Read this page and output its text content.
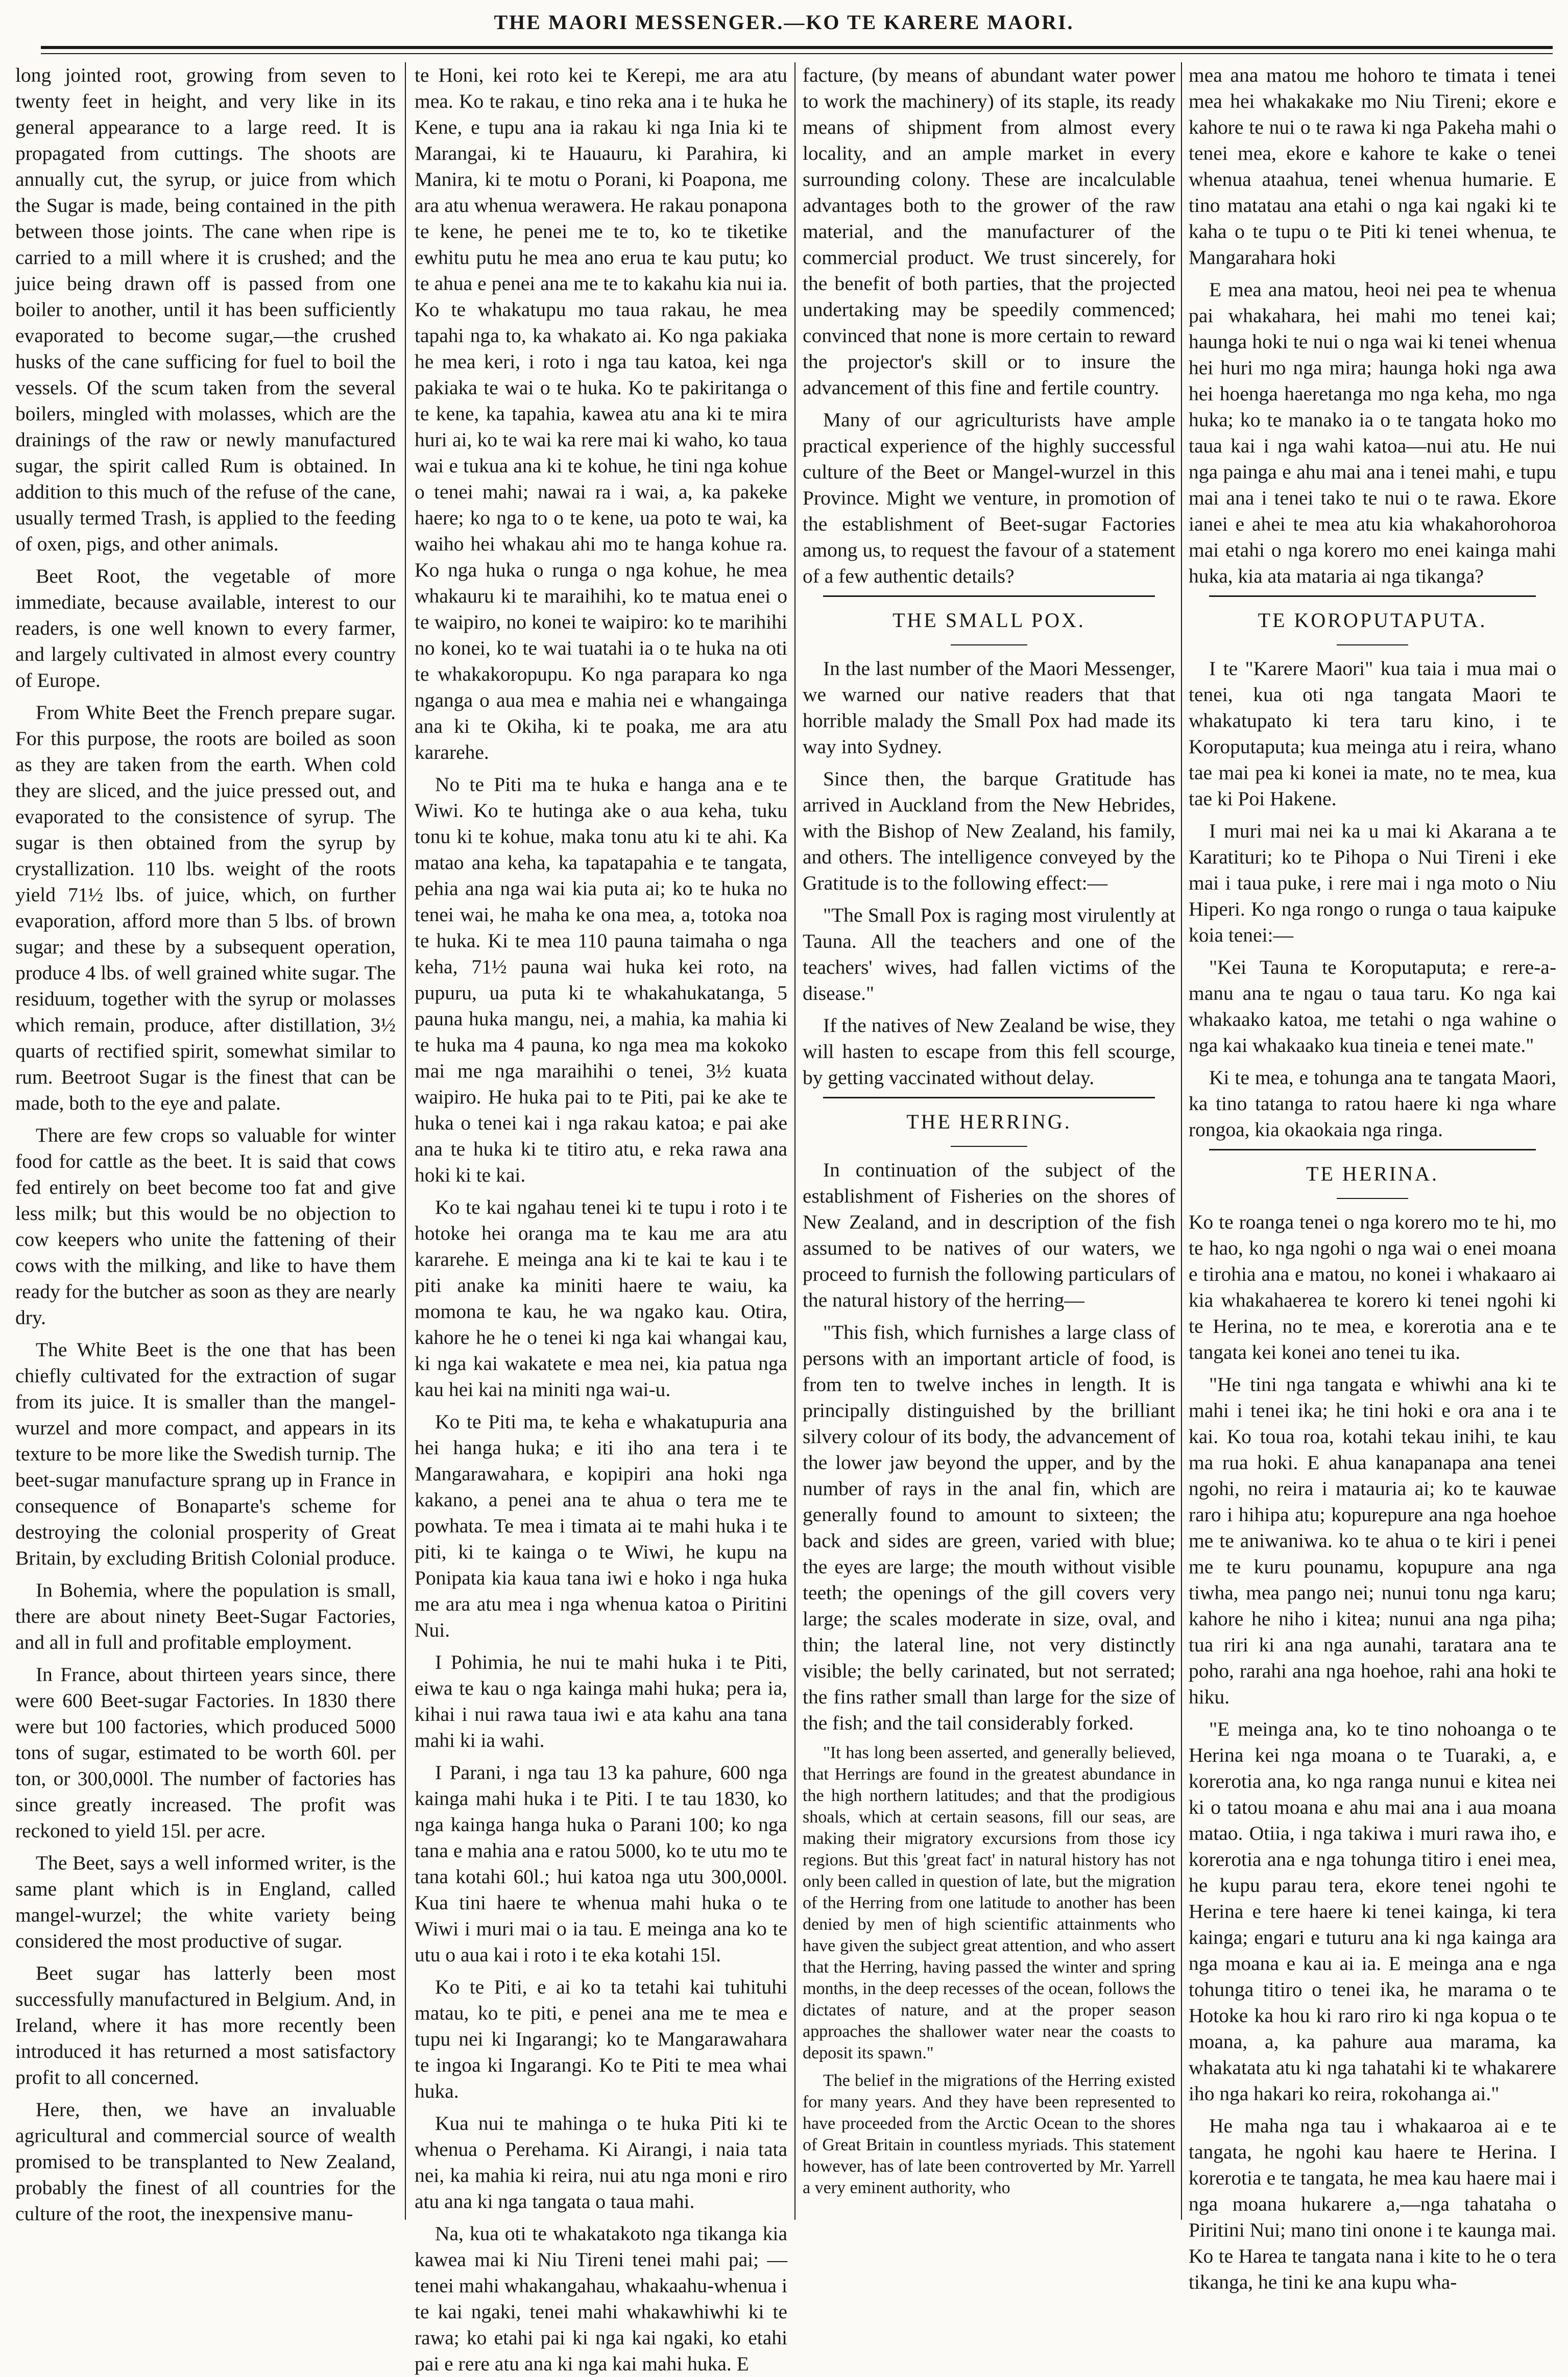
THE MAORI MESSENGER.—KO TE KARERE MAORI.

long jointed root, growing from seven to twenty feet in height, and very like in its general appearance to a large reed. It is propagated from cuttings. The shoots are annually cut, the syrup, or juice from which the Sugar is made, being contained in the pith between those joints. The cane when ripe is carried to a mill where it is crushed; and the juice being drawn off is passed from one boiler to another, until it has been sufficiently evaporated to become sugar,—the crushed husks of the cane sufficing for fuel to boil the vessels. Of the scum taken from the several boilers, mingled with molasses, which are the drainings of the raw or newly manufactured sugar, the spirit called Rum is obtained. In addition to this much of the refuse of the cane, usually termed Trash, is applied to the feeding of oxen, pigs, and other animals.

Beet Root, the vegetable of more immediate, because available, interest to our readers, is one well known to every farmer, and largely cultivated in almost every country of Europe.

From White Beet the French prepare sugar. For this purpose, the roots are boiled as soon as they are taken from the earth. When cold they are sliced, and the juice pressed out, and evaporated to the consistence of syrup. The sugar is then obtained from the syrup by crystallization. 110 lbs. weight of the roots yield 71½ lbs. of juice, which, on further evaporation, afford more than 5 lbs. of brown sugar; and these by a subsequent operation, produce 4 lbs. of well grained white sugar. The residuum, together with the syrup or molasses which remain, produce, after distillation, 3½ quarts of rectified spirit, somewhat similar to rum. Beetroot Sugar is the finest that can be made, both to the eye and palate.

There are few crops so valuable for winter food for cattle as the beet. It is said that cows fed entirely on beet become too fat and give less milk; but this would be no objection to cow keepers who unite the fattening of their cows with the milking, and like to have them ready for the butcher as soon as they are nearly dry.

The White Beet is the one that has been chiefly cultivated for the extraction of sugar from its juice. It is smaller than the mangel-wurzel and more compact, and appears in its texture to be more like the Swedish turnip. The beet-sugar manufacture sprang up in France in consequence of Bonaparte's scheme for destroying the colonial prosperity of Great Britain, by excluding British Colonial produce.

In Bohemia, where the population is small, there are about ninety Beet-Sugar Factories, and all in full and profitable employment.

In France, about thirteen years since, there were 600 Beet-sugar Factories. In 1830 there were but 100 factories, which produced 5000 tons of sugar, estimated to be worth 60l. per ton, or 300,000l. The number of factories has since greatly increased. The profit was reckoned to yield 15l. per acre.

The Beet, says a well informed writer, is the same plant which is in England, called mangel-wurzel; the white variety being considered the most productive of sugar.

Beet sugar has latterly been most successfully manufactured in Belgium. And, in Ireland, where it has more recently been introduced it has returned a most satisfactory profit to all concerned.

Here, then, we have an invaluable agricultural and commercial source of wealth promised to be transplanted to New Zealand, probably the finest of all countries for the culture of the root, the inexpensive manu-

te Honi, kei roto kei te Kerepi, me ara atu mea. Ko te rakau, e tino reka ana i te huka he Kene, e tupu ana ia rakau ki nga Inia ki te Marangai, ki te Hauauru, ki Parahira, ki Manira, ki te motu o Porani, ki Poapona, me ara atu whenua werawera. He rakau ponapona te kene, he penei me te to, ko te tiketike ewhitu putu he mea ano erua te kau putu; ko te ahua e penei ana me te to kakahu kia nui ia. Ko te whakatupu mo taua rakau, he mea tapahi nga to, ka whakato ai. Ko nga pakiaka he mea keri, i roto i nga tau katoa, kei nga pakiaka te wai o te huka. Ko te pakiritanga o te kene, ka tapahia, kawea atu ana ki te mira huri ai, ko te wai ka rere mai ki waho, ko taua wai e tukua ana ki te kohue, he tini nga kohue o tenei mahi; nawai ra i wai, a, ka pakeke haere; ko nga to o te kene, ua poto te wai, ka waiho hei whakau ahi mo te hanga kohue ra. Ko nga huka o runga o nga kohue, he mea whakauru ki te maraihihi, ko te matua enei o te waipiro, no konei te waipiro: ko te marihihi no konei, ko te wai tuatahi ia o te huka na oti te whakakoropupu. Ko nga parapara ko nga nganga o aua mea e mahia nei e whangainga ana ki te Okiha, ki te poaka, me ara atu kararehe.

No te Piti ma te huka e hanga ana e te Wiwi. Ko te hutinga ake o aua keha, tuku tonu ki te kohue, maka tonu atu ki te ahi. Ka matao ana keha, ka tapatapahia e te tangata, pehia ana nga wai kia puta ai; ko te huka no tenei wai, he maha ke ona mea, a, totoka noa te huka. Ki te mea 110 pauna taimaha o nga keha, 71½ pauna wai huka kei roto, na pupuru, ua puta ki te whakahukatanga, 5 pauna huka mangu, nei, a mahia, ka mahia ki te huka ma 4 pauna, ko nga mea ma kokoko mai me nga maraihihi o tenei, 3½ kuata waipiro. He huka pai to te Piti, pai ke ake te huka o tenei kai i nga rakau katoa; e pai ake ana te huka ki te titiro atu, e reka rawa ana hoki ki te kai.

Ko te kai ngahau tenei ki te tupu i roto i te hotoke hei oranga ma te kau me ara atu kararehe. E meinga ana ki te kai te kau i te piti anake ka miniti haere te waiu, ka momona te kau, he wa ngako kau. Otira, kahore he he o tenei ki nga kai whangai kau, ki nga kai wakatete e mea nei, kia patua nga kau hei kai na miniti nga wai-u.

Ko te Piti ma, te keha e whakatupuria ana hei hanga huka; e iti iho ana tera i te Mangarawahara, e kopipiri ana hoki nga kakano, a penei ana te ahua o tera me te powhata. Te mea i timata ai te mahi huka i te piti, ki te kainga o te Wiwi, he kupu na Ponipata kia kaua tana iwi e hoko i nga huka me ara atu mea i nga whenua katoa o Piritini Nui.

I Pohimia, he nui te mahi huka i te Piti, eiwa te kau o nga kainga mahi huka; pera ia, kihai i nui rawa taua iwi e ata kahu ana tana mahi ki ia wahi.

I Parani, i nga tau 13 ka pahure, 600 nga kainga mahi huka i te Piti. I te tau 1830, ko nga kainga hanga huka o Parani 100; ko nga tana e mahia ana e ratou 5000, ko te utu mo te tana kotahi 60l.; hui katoa nga utu 300,000l. Kua tini haere te whenua mahi huka o te Wiwi i muri mai o ia tau. E meinga ana ko te utu o aua kai i roto i te eka kotahi 15l.

Ko te Piti, e ai ko ta tetahi kai tuhituhi matau, ko te piti, e penei ana me te mea e tupu nei ki Ingarangi; ko te Mangarawahara te ingoa ki Ingarangi. Ko te Piti te mea whai huka.

Kua nui te mahinga o te huka Piti ki te whenua o Perehama. Ki Airangi, i naia tata nei, ka mahia ki reira, nui atu nga moni e riro atu ana ki nga tangata o taua mahi.

Na, kua oti te whakatakoto nga tikanga kia kawea mai ki Niu Tireni tenei mahi pai; —tenei mahi whakangahau, whakaahu-whenua i te kai ngaki, tenei mahi whakawhiwhi ki te rawa; ko etahi pai ki nga kai ngaki, ko etahi pai e rere atu ana ki nga kai mahi huka. E

facture, (by means of abundant water power to work the machinery) of its staple, its ready means of shipment from almost every locality, and an ample market in every surrounding colony. These are incalculable advantages both to the grower of the raw material, and the manufacturer of the commercial product. We trust sincerely, for the benefit of both parties, that the projected undertaking may be speedily commenced; convinced that none is more certain to reward the projector's skill or to insure the advancement of this fine and fertile country.

Many of our agriculturists have ample practical experience of the highly successful culture of the Beet or Mangel-wurzel in this Province. Might we venture, in promotion of the establishment of Beet-sugar Factories among us, to request the favour of a statement of a few authentic details?

THE SMALL POX.

In the last number of the Maori Messenger, we warned our native readers that that horrible malady the Small Pox had made its way into Sydney.

Since then, the barque Gratitude has arrived in Auckland from the New Hebrides, with the Bishop of New Zealand, his family, and others. The intelligence conveyed by the Gratitude is to the following effect:—

"The Small Pox is raging most virulently at Tauna. All the teachers and one of the teachers' wives, had fallen victims of the disease."

If the natives of New Zealand be wise, they will hasten to escape from this fell scourge, by getting vaccinated without delay.

THE HERRING.

In continuation of the subject of the establishment of Fisheries on the shores of New Zealand, and in description of the fish assumed to be natives of our waters, we proceed to furnish the following particulars of the natural history of the herring—

"This fish, which furnishes a large class of persons with an important article of food, is from ten to twelve inches in length. It is principally distinguished by the brilliant silvery colour of its body, the advancement of the lower jaw beyond the upper, and by the number of rays in the anal fin, which are generally found to amount to sixteen; the back and sides are green, varied with blue; the eyes are large; the mouth without visible teeth; the openings of the gill covers very large; the scales moderate in size, oval, and thin; the lateral line, not very distinctly visible; the belly carinated, but not serrated; the fins rather small than large for the size of the fish; and the tail considerably forked.

"It has long been asserted, and generally believed, that Herrings are found in the greatest abundance in the high northern latitudes; and that the prodigious shoals, which at certain seasons, fill our seas, are making their migratory excursions from those icy regions. But this 'great fact' in natural history has not only been called in question of late, but the migration of the Herring from one latitude to another has been denied by men of high scientific attainments who have given the subject great attention, and who assert that the Herring, having passed the winter and spring months, in the deep recesses of the ocean, follows the dictates of nature, and at the proper season approaches the shallower water near the coasts to deposit its spawn."

The belief in the migrations of the Herring existed for many years. And they have been represented to have proceeded from the Arctic Ocean to the shores of Great Britain in countless myriads. This statement however, has of late been controverted by Mr. Yarrell a very eminent authority, who

mea ana matou me hohoro te timata i tenei mea hei whakakake mo Niu Tireni; ekore e kahore te nui o te rawa ki nga Pakeha mahi o tenei mea, ekore e kahore te kake o tenei whenua ataahua, tenei whenua humarie. E tino matatau ana etahi o nga kai ngaki ki te kaha o te tupu o te Piti ki tenei whenua, te Mangarahara hoki

E mea ana matou, heoi nei pea te whenua pai whakahara, hei mahi mo tenei kai; haunga hoki te nui o nga wai ki tenei whenua hei huri mo nga mira; haunga hoki nga awa hei hoenga haeretanga mo nga keha, mo nga huka; ko te manako ia o te tangata hoko mo taua kai i nga wahi katoa—nui atu. He nui nga painga e ahu mai ana i tenei mahi, e tupu mai ana i tenei tako te nui o te rawa. Ekore ianei e ahei te mea atu kia whakahorohoroa mai etahi o nga korero mo enei kainga mahi huka, kia ata mataria ai nga tikanga?

TE KOROPUTAPUTA.

I te "Karere Maori" kua taia i mua mai o tenei, kua oti nga tangata Maori te whakatupato ki tera taru kino, i te Koroputaputa; kua meinga atu i reira, whano tae mai pea ki konei ia mate, no te mea, kua tae ki Poi Hakene.

I muri mai nei ka u mai ki Akarana a te Karatituri; ko te Pihopa o Nui Tireni i eke mai i taua puke, i rere mai i nga moto o Niu Hiperi. Ko nga rongo o runga o taua kaipuke koia tenei:—

"Kei Tauna te Koroputaputa; e rere-a-manu ana te ngau o taua taru. Ko nga kai whakaako katoa, me tetahi o nga wahine o nga kai whakaako kua tineia e tenei mate."

Ki te mea, e tohunga ana te tangata Maori, ka tino tatanga to ratou haere ki nga whare rongoa, kia okaokaia nga ringa.

TE HERINA.

Ko te roanga tenei o nga korero mo te hi, mo te hao, ko nga ngohi o nga wai o enei moana e tirohia ana e matou, no konei i whakaaro ai kia whakahaerea te korero ki tenei ngohi ki te Herina, no te mea, e korerotia ana e te tangata kei konei ano tenei tu ika.

"He tini nga tangata e whiwhi ana ki te mahi i tenei ika; he tini hoki e ora ana i te kai. Ko toua roa, kotahi tekau inihi, te kau ma rua hoki. E ahua kanapanapa ana tenei ngohi, no reira i matauria ai; ko te kauwae raro i hihipa atu; kopurepure ana nga hoehoe me te aniwaniwa. ko te ahua o te kiri i penei me te kuru pounamu, kopupure ana nga tiwha, mea pango nei; nunui tonu nga karu; kahore he niho i kitea; nunui ana nga piha; tua riri ki ana nga aunahi, taratara ana te poho, rarahi ana nga hoehoe, rahi ana hoki te hiku.

"E meinga ana, ko te tino nohoanga o te Herina kei nga moana o te Tuaraki, a, e korerotia ana, ko nga ranga nunui e kitea nei ki o tatou moana e ahu mai ana i aua moana matao. Otiia, i nga takiwa i muri rawa iho, e korerotia ana e nga tohunga titiro i enei mea, he kupu parau tera, ekore tenei ngohi te Herina e tere haere ki tenei kainga, ki tera kainga; engari e tuturu ana ki nga kainga ara nga moana e kau ai ia. E meinga ana e nga tohunga titiro o tenei ika, he marama o te Hotoke ka hou ki raro riro ki nga kopua o te moana, a, ka pahure aua marama, ka whakatata atu ki nga tahatahi ki te whakarere iho nga hakari ko reira, rokohanga ai."

He maha nga tau i whakaaroa ai e te tangata, he ngohi kau haere te Herina. I korerotia e te tangata, he mea kau haere mai i nga moana hukarere a,—nga tahataha o Piritini Nui; mano tini onone i te kaunga mai. Ko te Harea te tangata nana i kite to he o tera tikanga, he tini ke ana kupu wha-
